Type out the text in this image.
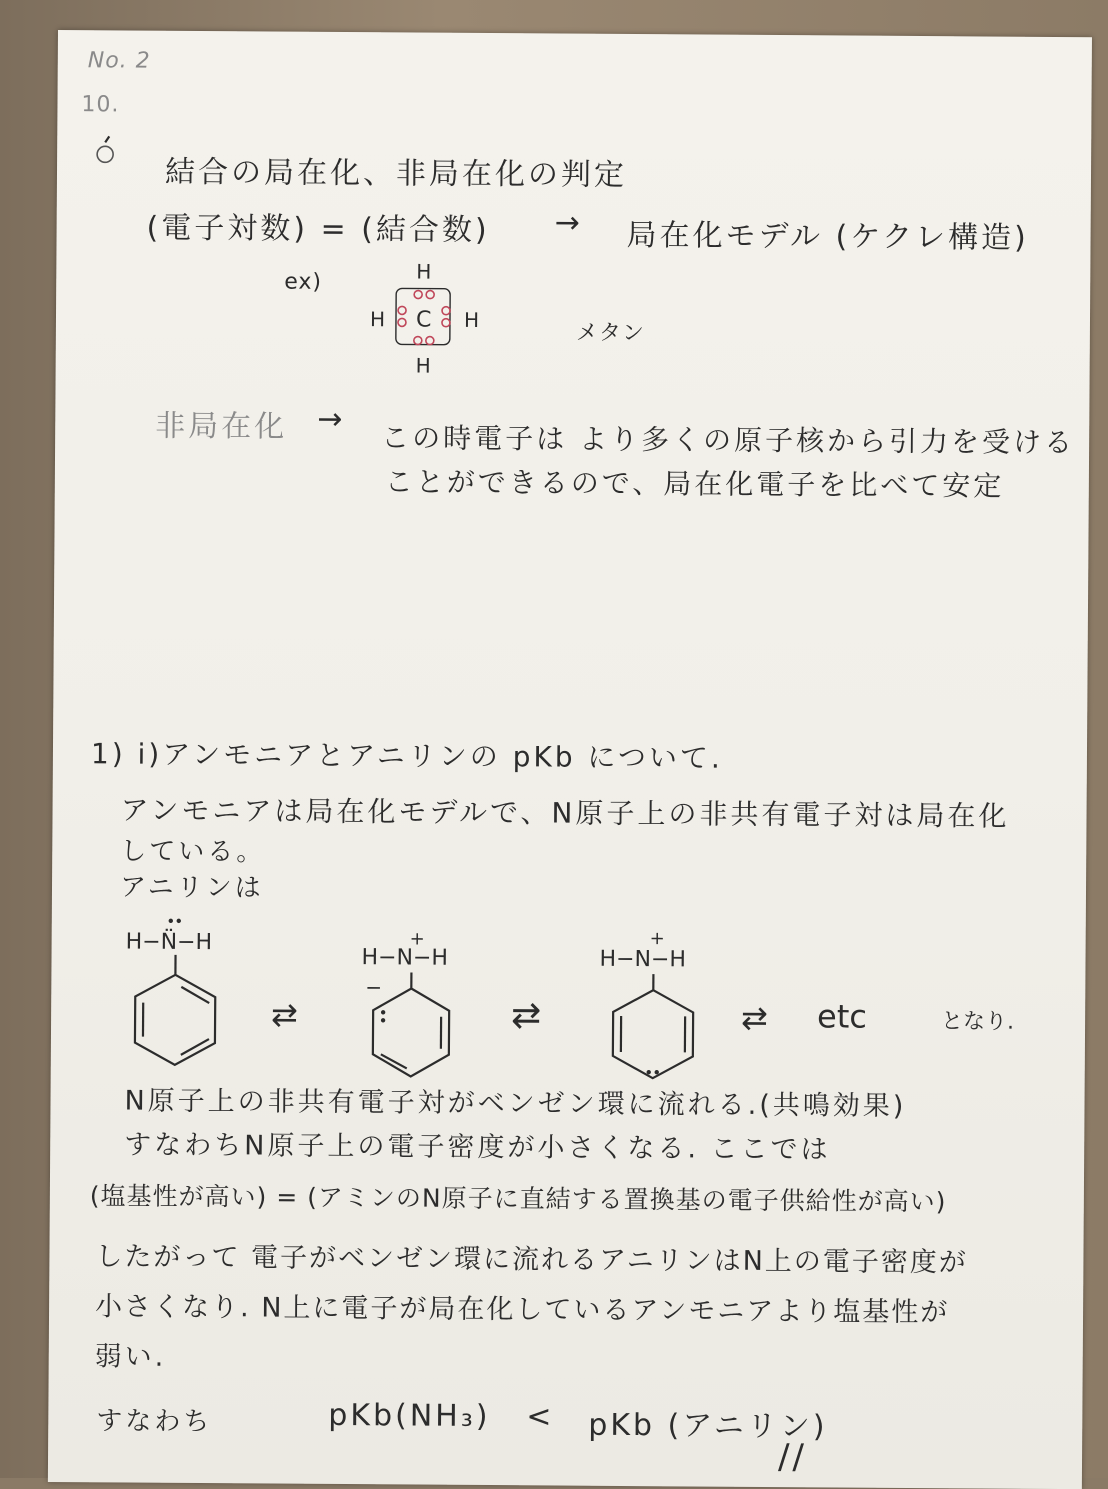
No. 2
10.
結合の局在化、非局在化の判定
(電子対数) = (結合数) → 局在化モデル (ケクレ構造)
ex)	H
C
H	H
H
メタン
非局在化 →
この時電子は より多くの原子核から引力を受ける
ことができるので、局在化電子を比べて安定
1) i)アンモニアとアニリンの pKb について.
アンモニアは局在化モデルで、N原子上の非共有電子対は局在化
している。
アニリンは
H−N̈−H
⇄
H−N−H
+
−
⇄
H−N−H
+
⇄ etc	となり.
N原子上の非共有電子対がベンゼン環に流れる.(共鳴効果)
すなわちN原子上の電子密度が小さくなる. ここでは
(塩基性が高い) = (アミンのN原子に直結する置換基の電子供給性が高い)
したがって 電子がベンゼン環に流れるアニリンはN上の電子密度が
小さくなり. N上に電子が局在化しているアンモニアより塩基性が
弱い.
すなわち	pKb(NH₃) < pKb (アニリン)
//
